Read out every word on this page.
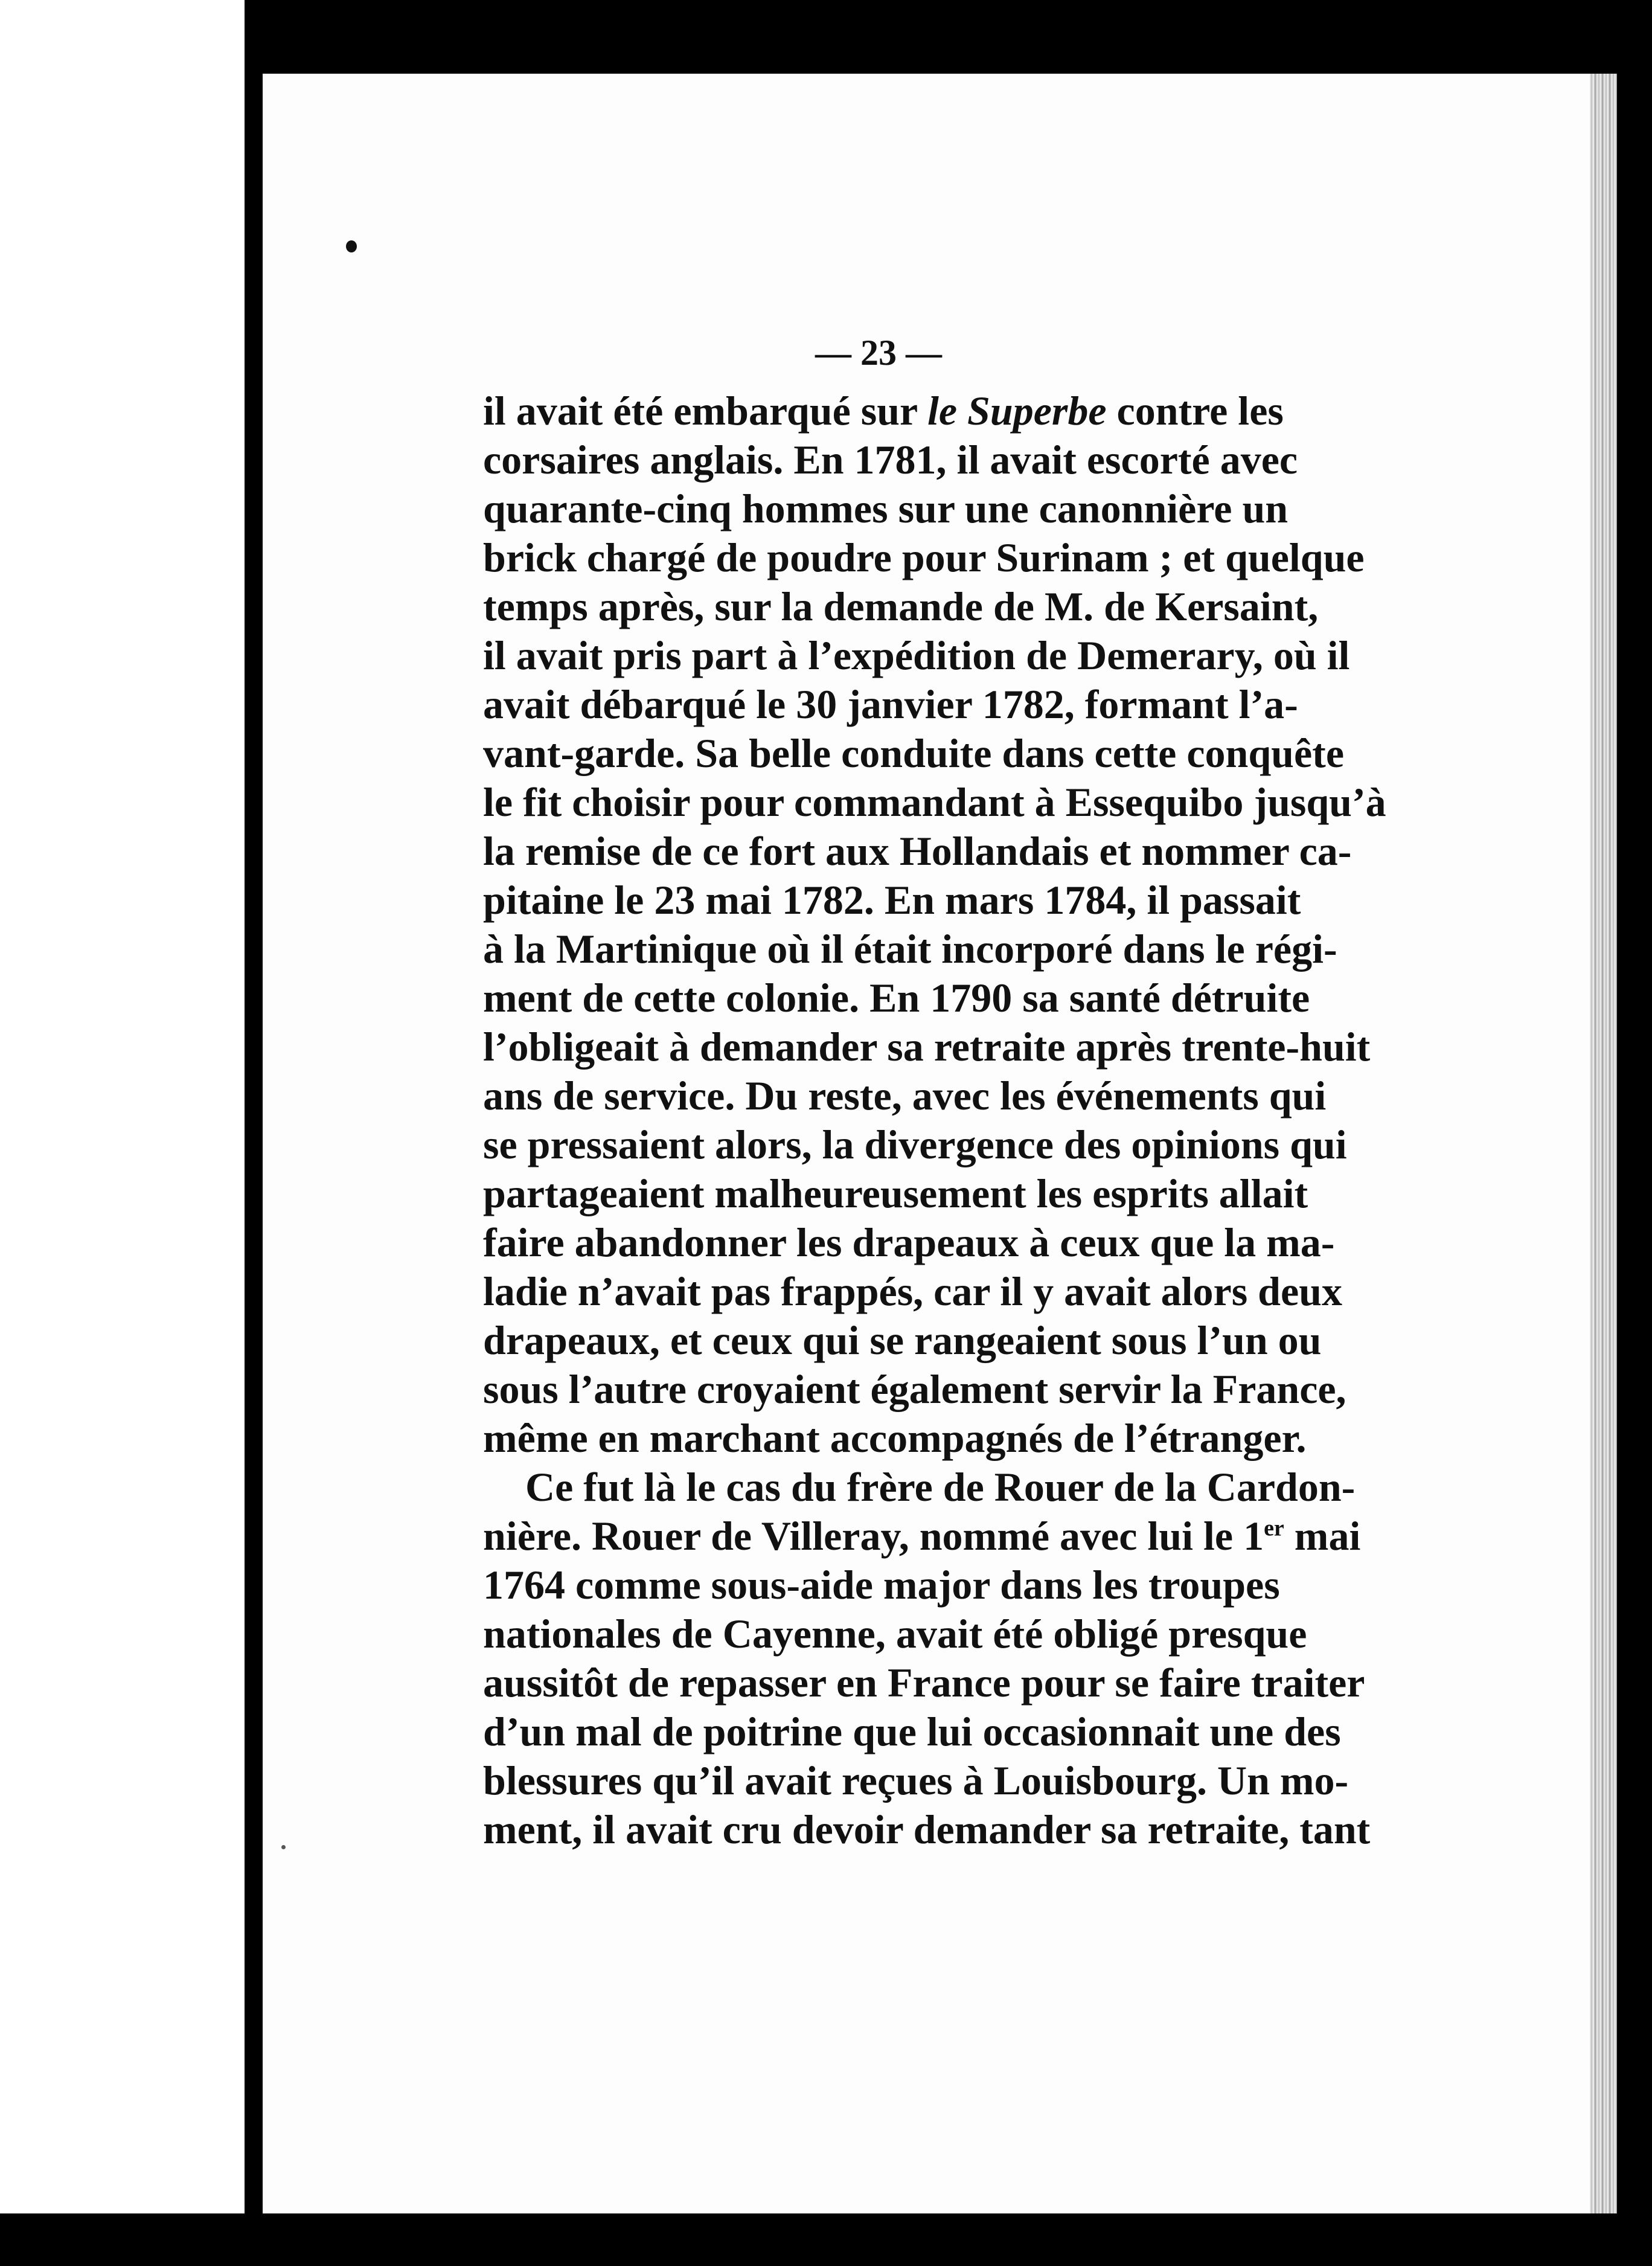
— 23 —
il avait été embarqué sur le Superbe contre les
corsaires anglais. En 1781, il avait escorté avec
quarante-cinq hommes sur une canonnière un
brick chargé de poudre pour Surinam ; et quelque
temps après, sur la demande de M. de Kersaint,
il avait pris part à l’expédition de Demerary, où il
avait débarqué le 30 janvier 1782, formant l’a-
vant-garde. Sa belle conduite dans cette conquête
le fit choisir pour commandant à Essequibo jusqu’à
la remise de ce fort aux Hollandais et nommer ca-
pitaine le 23 mai 1782. En mars 1784, il passait
à la Martinique où il était incorporé dans le régi-
ment de cette colonie. En 1790 sa santé détruite
l’obligeait à demander sa retraite après trente-huit
ans de service. Du reste, avec les événements qui
se pressaient alors, la divergence des opinions qui
partageaient malheureusement les esprits allait
faire abandonner les drapeaux à ceux que la ma-
ladie n’avait pas frappés, car il y avait alors deux
drapeaux, et ceux qui se rangeaient sous l’un ou
sous l’autre croyaient également servir la France,
même en marchant accompagnés de l’étranger.
Ce fut là le cas du frère de Rouer de la Cardon-
nière. Rouer de Villeray, nommé avec lui le 1er mai
1764 comme sous-aide major dans les troupes
nationales de Cayenne, avait été obligé presque
aussitôt de repasser en France pour se faire traiter
d’un mal de poitrine que lui occasionnait une des
blessures qu’il avait reçues à Louisbourg. Un mo-
ment, il avait cru devoir demander sa retraite, tant
